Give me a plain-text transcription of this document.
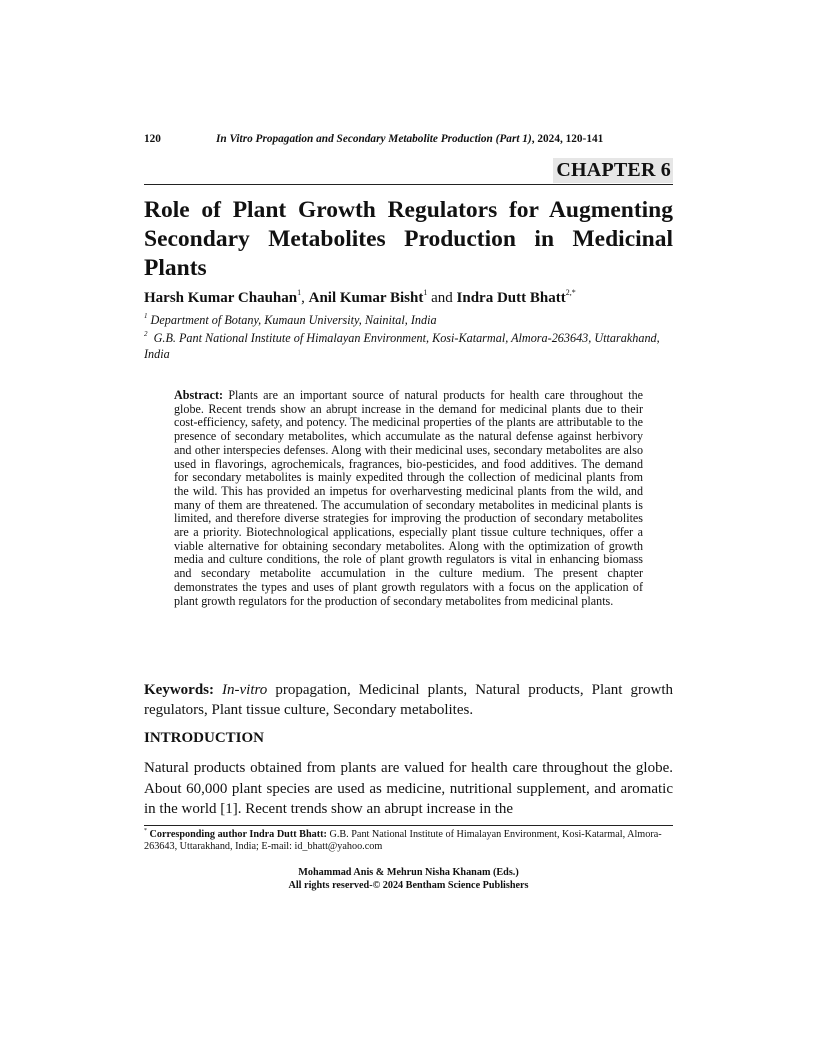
120	In Vitro Propagation and Secondary Metabolite Production (Part 1), 2024, 120-141
CHAPTER 6
Role of Plant Growth Regulators for Augmenting Secondary Metabolites Production in Medicinal Plants
Harsh Kumar Chauhan$^1$, Anil Kumar Bisht$^1$ and Indra Dutt Bhatt$^{2,*}$
$^1$ Department of Botany, Kumaun University, Nainital, India
$^2$ G.B. Pant National Institute of Himalayan Environment, Kosi-Katarmal, Almora-263643, Uttarakhand, India

Abstract: Plants are an important source of natural products for health care throughout the globe. Recent trends show an abrupt increase in the demand for medicinal plants due to their cost-efficiency, safety, and potency. The medicinal properties of the plants are attributable to the presence of secondary metabolites, which accumulate as the natural defense against herbivory and other interspecies defenses. Along with their medicinal uses, secondary metabolites are also used in flavorings, agrochemicals, fragrances, bio-pesticides, and food additives. The demand for secondary metabolites is mainly expedited through the collection of medicinal plants from the wild. This has provided an impetus for overharvesting medicinal plants from the wild, and many of them are threatened. The accumulation of secondary metabolites in medicinal plants is limited, and therefore diverse strategies for improving the production of secondary metabolites are a priority. Biotechnological applications, especially plant tissue culture techniques, offer a viable alternative for obtaining secondary metabolites. Along with the optimization of growth media and culture conditions, the role of plant growth regulators is vital in enhancing biomass and secondary metabolite accumulation in the culture medium. The present chapter demonstrates the types and uses of plant growth regulators with a focus on the application of plant growth regulators for the production of secondary metabolites from medicinal plants.

Keywords: In-vitro propagation, Medicinal plants, Natural products, Plant growth regulators, Plant tissue culture, Secondary metabolites.

INTRODUCTION

Natural products obtained from plants are valued for health care throughout the globe. About 60,000 plant species are used as medicine, nutritional supplement, and aromatic in the world [1]. Recent trends show an abrupt increase in the

* Corresponding author Indra Dutt Bhatt: G.B. Pant National Institute of Himalayan Environment, Kosi-Katarmal, Almora-263643, Uttarakhand, India; E-mail: id_bhatt@yahoo.com

Mohammad Anis & Mehrun Nisha Khanam (Eds.)
All rights reserved-© 2024 Bentham Science Publishers
